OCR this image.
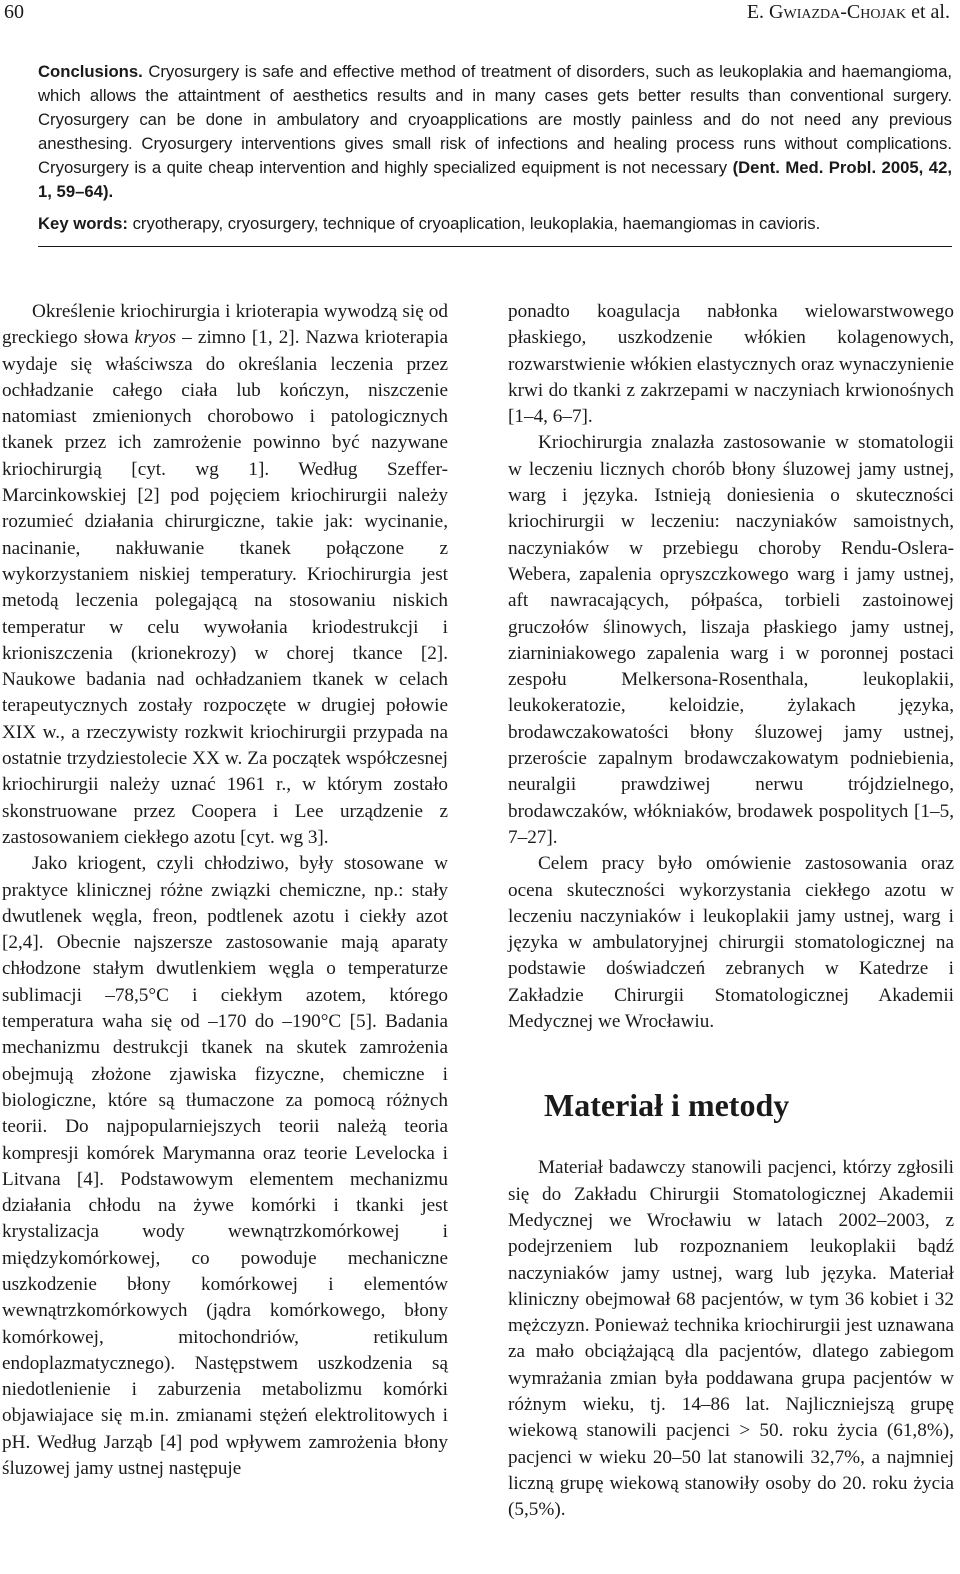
60	E. Gwiazda-Chojak et al.

Conclusions. Cryosurgery is safe and effective method of treatment of disorders, such as leukoplakia and haemangioma, which allows the attaintment of aesthetics results and in many cases gets better results than conventional surgery. Cryosurgery can be done in ambulatory and cryoapplications are mostly painless and do not need any previous anesthesing. Cryosurgery interventions gives small risk of infections and healing process runs without complications. Cryosurgery is a quite cheap intervention and highly specialized equipment is not necessary (Dent. Med. Probl. 2005, 42, 1, 59–64).

Key words: cryotherapy, cryosurgery, technique of cryoaplication, leukoplakia, haemangiomas in cavioris.

Określenie kriochirurgia i krioterapia wywodzą się od greckiego słowa kryos – zimno [1, 2]. Nazwa krioterapia wydaje się właściwsza do określania leczenia przez ochładzanie całego ciała lub kończyn, niszczenie natomiast zmienionych chorobowo i patologicznych tkanek przez ich zamrożenie powinno być nazywane kriochirurgią [cyt. wg 1]. Według Szeffer-Marcinkowskiej [2] pod pojęciem kriochirurgii należy rozumieć działania chirurgiczne, takie jak: wycinanie, nacinanie, nakłuwanie tkanek połączone z wykorzystaniem niskiej temperatury. Kriochirurgia jest metodą leczenia polegającą na stosowaniu niskich temperatur w celu wywołania kriodestrukcji i krioniszczenia (krionekrozy) w chorej tkance [2]. Naukowe badania nad ochładzaniem tkanek w celach terapeutycznych zostały rozpoczęte w drugiej połowie XIX w., a rzeczywisty rozkwit kriochirurgii przypada na ostatnie trzydziestolecie XX w. Za początek współczesnej kriochirurgii należy uznać 1961 r., w którym zostało skonstruowane przez Coopera i Lee urządzenie z zastosowaniem ciekłego azotu [cyt. wg 3].

Jako kriogent, czyli chłodziwo, były stosowane w praktyce klinicznej różne związki chemiczne, np.: stały dwutlenek węgla, freon, podtlenek azotu i ciekły azot [2,4]. Obecnie najszersze zastosowanie mają aparaty chłodzone stałym dwutlenkiem węgla o temperaturze sublimacji –78,5°C i ciekłym azotem, którego temperatura waha się od –170 do –190°C [5]. Badania mechanizmu destrukcji tkanek na skutek zamrożenia obejmują złożone zjawiska fizyczne, chemiczne i biologiczne, które są tłumaczone za pomocą różnych teorii. Do najpopularniejszych teorii należą teoria kompresji komórek Marymanna oraz teorie Levelocka i Litvana [4]. Podstawowym elementem mechanizmu działania chłodu na żywe komórki i tkanki jest krystalizacja wody wewnątrzkomórkowej i międzykomórkowej, co powoduje mechaniczne uszkodzenie błony komórkowej i elementów wewnątrzkomórkowych (jądra komórkowego, błony komórkowej, mitochondriów, retikulum endoplazmatycznego). Następstwem uszkodzenia są niedotlenienie i zaburzenia metabolizmu komórki objawiajace się m.in. zmianami stężeń elektrolitowych i pH. Według Jarząb [4] pod wpływem zamrożenia błony śluzowej jamy ustnej następuje

ponadto koagulacja nabłonka wielowarstwowego płaskiego, uszkodzenie włókien kolagenowych, rozwarstwienie włókien elastycznych oraz wynaczynienie krwi do tkanki z zakrzepami w naczyniach krwionośnych [1–4, 6–7].

Kriochirurgia znalazła zastosowanie w stomatologii w leczeniu licznych chorób błony śluzowej jamy ustnej, warg i języka. Istnieją doniesienia o skuteczności kriochirurgii w leczeniu: naczyniaków samoistnych, naczyniaków w przebiegu choroby Rendu-Oslera-Webera, zapalenia opryszczkowego warg i jamy ustnej, aft nawracających, półpaśca, torbieli zastoinowej gruczołów ślinowych, liszaja płaskiego jamy ustnej, ziarniniakowego zapalenia warg i w poronnej postaci zespołu Melkersona-Rosenthala, leukoplakii, leukokeratozie, keloidzie, żylakach języka, brodawczakowatości błony śluzowej jamy ustnej, przeroście zapalnym brodawczakowatym podniebienia, neuralgii prawdziwej nerwu trójdzielnego, brodawczaków, włókniaków, brodawek pospolitych [1–5, 7–27].

Celem pracy było omówienie zastosowania oraz ocena skuteczności wykorzystania ciekłego azotu w leczeniu naczyniaków i leukoplakii jamy ustnej, warg i języka w ambulatoryjnej chirurgii stomatologicznej na podstawie doświadczeń zebranych w Katedrze i Zakładzie Chirurgii Stomatologicznej Akademii Medycznej we Wrocławiu.

Materiał i metody

Materiał badawczy stanowili pacjenci, którzy zgłosili się do Zakładu Chirurgii Stomatologicznej Akademii Medycznej we Wrocławiu w latach 2002–2003, z podejrzeniem lub rozpoznaniem leukoplakii bądź naczyniaków jamy ustnej, warg lub języka. Materiał kliniczny obejmował 68 pacjentów, w tym 36 kobiet i 32 mężczyzn. Ponieważ technika kriochirurgii jest uznawana za mało obciążającą dla pacjentów, dlatego zabiegom wymrażania zmian była poddawana grupa pacjentów w różnym wieku, tj. 14–86 lat. Najliczniejszą grupę wiekową stanowili pacjenci > 50. roku życia (61,8%), pacjenci w wieku 20–50 lat stanowili 32,7%, a najmniej liczną grupę wiekową stanowiły osoby do 20. roku życia (5,5%).
